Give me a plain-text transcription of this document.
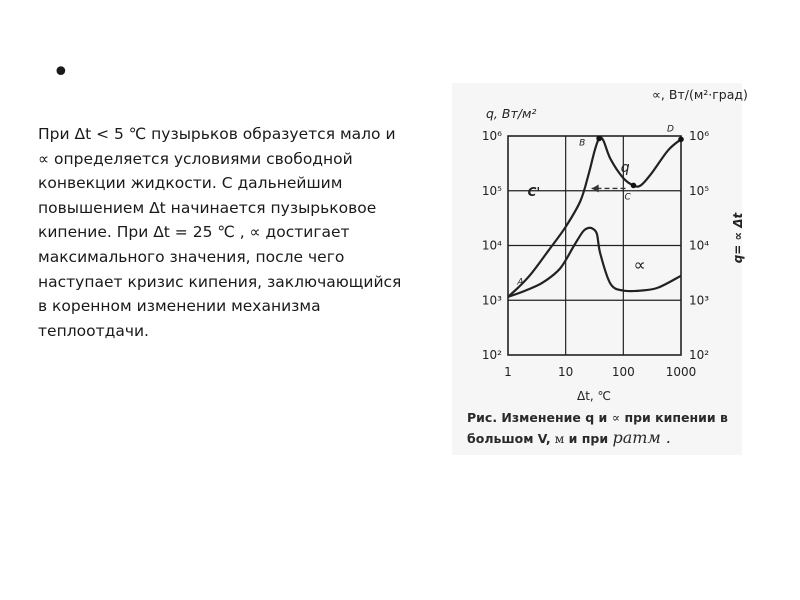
•
При Δt < 5 ℃ пузырьков образуется мало и
∝ определяется условиями свободной
конвекции жидкости. С дальнейшим
повышением Δt начинается пузырьковое
кипение. При Δt = 25 ℃ , ∝ достигает
максимального значения, после чего
наступает кризис кипения, заключающийся
в коренном изменении механизма
теплоотдачи.
1	10	100	1000
10²	10²
10³	10³
10⁴	10⁴
10⁵	10⁵
10⁶	10⁶
A
B
C
C'
D
q
∝
Δt, ℃
q, Вт/м²
∝, Вт/(м²·град)
q= ∝ Δt
Рис. Изменение q и ∝ при кипении в
большом V, м и при pатм .
